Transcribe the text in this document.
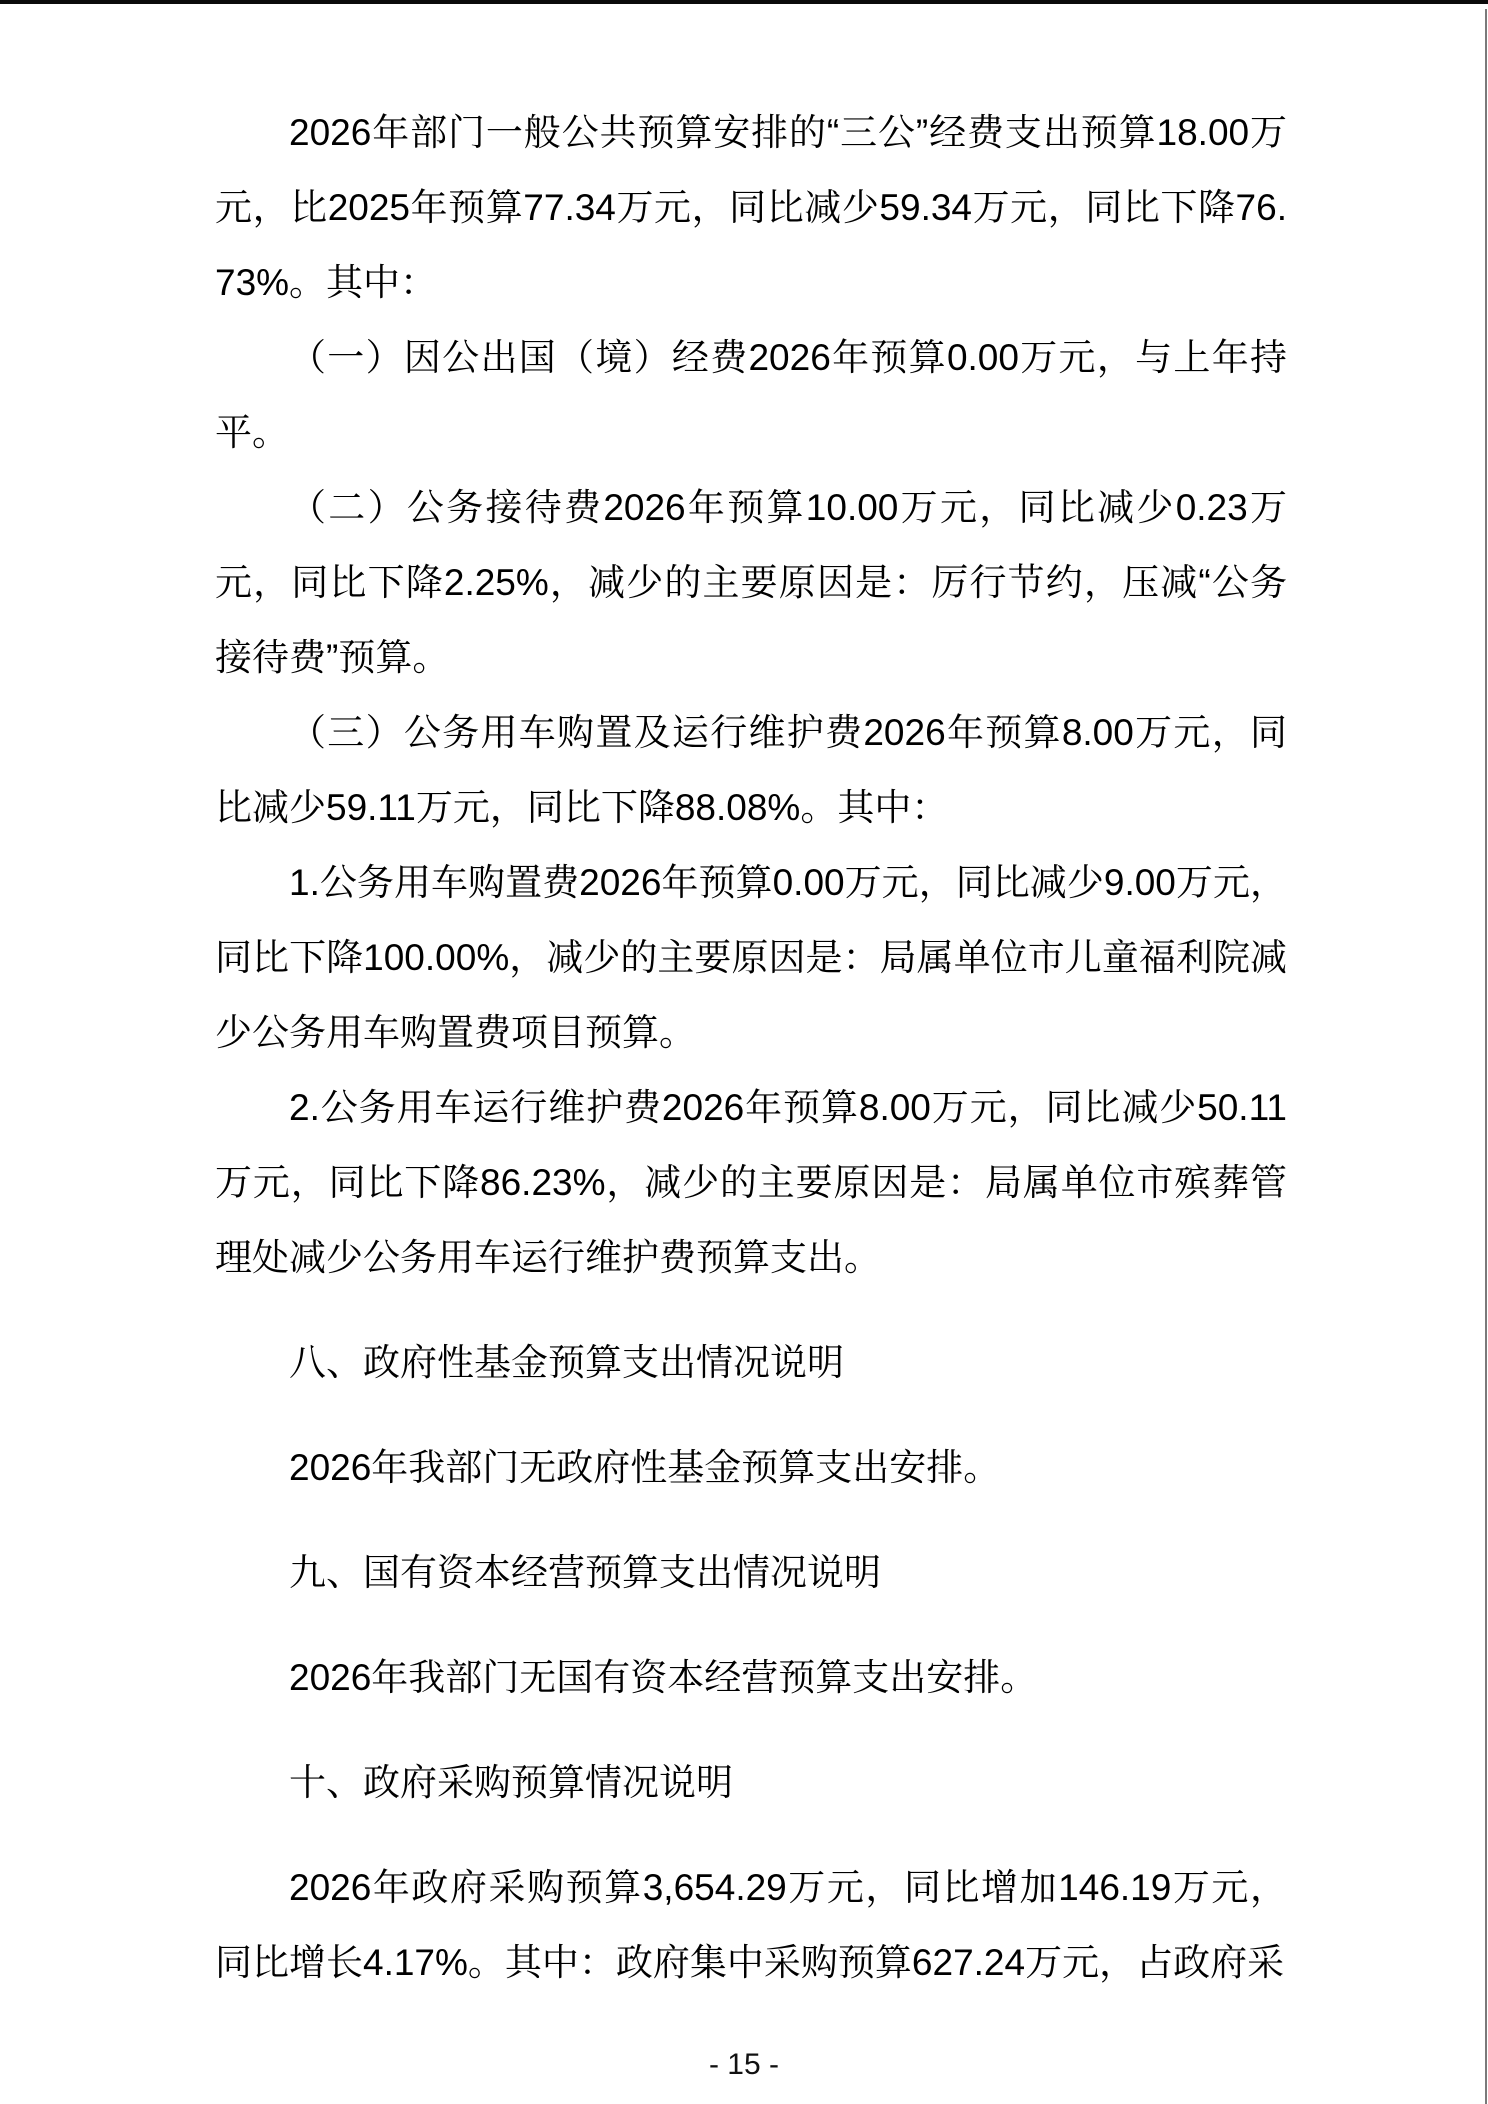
2026年部门一般公共预算安排的“三公”经费支出预算18.00万元，比2025年预算77.34万元，同比减少59.34万元，同比下降76.73%。其中：

（一）因公出国（境）经费2026年预算0.00万元，与上年持平。

（二）公务接待费2026年预算10.00万元，同比减少0.23万元，同比下降2.25%，减少的主要原因是：厉行节约，压减“公务接待费”预算。

（三）公务用车购置及运行维护费2026年预算8.00万元，同比减少59.11万元，同比下降88.08%。其中：

1.公务用车购置费2026年预算0.00万元，同比减少9.00万元，同比下降100.00%，减少的主要原因是：局属单位市儿童福利院减少公务用车购置费项目预算。

2.公务用车运行维护费2026年预算8.00万元，同比减少50.11万元，同比下降86.23%，减少的主要原因是：局属单位市殡葬管理处减少公务用车运行维护费预算支出。

八、政府性基金预算支出情况说明

2026年我部门无政府性基金预算支出安排。

九、国有资本经营预算支出情况说明

2026年我部门无国有资本经营预算支出安排。

十、政府采购预算情况说明

2026年政府采购预算3,654.29万元，同比增加146.19万元，同比增长4.17%。其中：政府集中采购预算627.24万元，占政府采

- 15 -
